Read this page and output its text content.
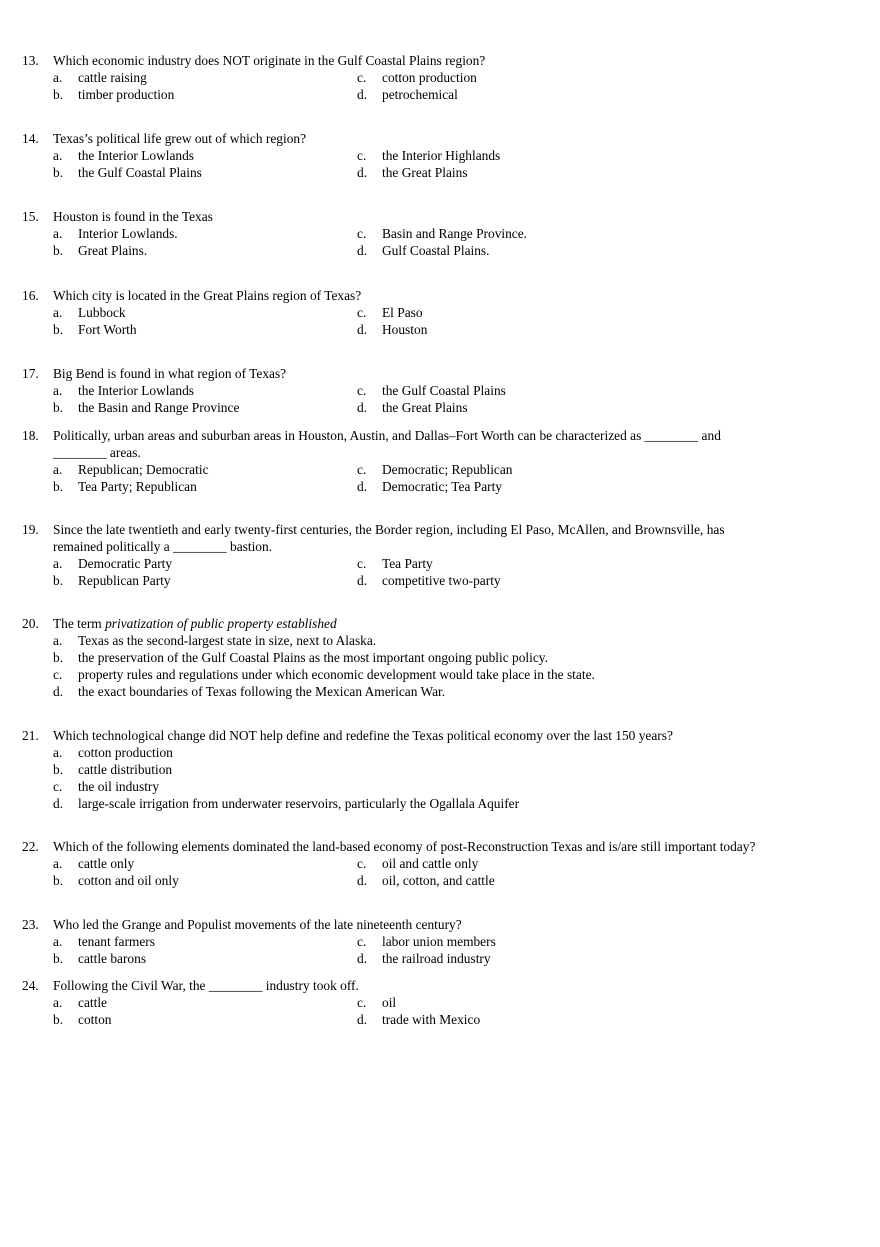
13. Which economic industry does NOT originate in the Gulf Coastal Plains region?
a. cattle raising
b. timber production
c. cotton production
d. petrochemical
14. Texas’s political life grew out of which region?
a. the Interior Lowlands
b. the Gulf Coastal Plains
c. the Interior Highlands
d. the Great Plains
15. Houston is found in the Texas
a. Interior Lowlands.
b. Great Plains.
c. Basin and Range Province.
d. Gulf Coastal Plains.
16. Which city is located in the Great Plains region of Texas?
a. Lubbock
b. Fort Worth
c. El Paso
d. Houston
17. Big Bend is found in what region of Texas?
a. the Interior Lowlands
b. the Basin and Range Province
c. the Gulf Coastal Plains
d. the Great Plains
18. Politically, urban areas and suburban areas in Houston, Austin, and Dallas–Fort Worth can be characterized as ________ and
________ areas.
a. Republican; Democratic
b. Tea Party; Republican
c. Democratic; Republican
d. Democratic; Tea Party
19. Since the late twentieth and early twenty-first centuries, the Border region, including El Paso, McAllen, and Brownsville, has
remained politically a ________ bastion.
a. Democratic Party
b. Republican Party
c. Tea Party
d. competitive two-party
20. The term privatization of public property established
a. Texas as the second-largest state in size, next to Alaska.
b. the preservation of the Gulf Coastal Plains as the most important ongoing public policy.
c. property rules and regulations under which economic development would take place in the state.
d. the exact boundaries of Texas following the Mexican American War.
21. Which technological change did NOT help define and redefine the Texas political economy over the last 150 years?
a. cotton production
b. cattle distribution
c. the oil industry
d. large-scale irrigation from underwater reservoirs, particularly the Ogallala Aquifer
22. Which of the following elements dominated the land-based economy of post-Reconstruction Texas and is/are still important today?
a. cattle only
b. cotton and oil only
c. oil and cattle only
d. oil, cotton, and cattle
23. Who led the Grange and Populist movements of the late nineteenth century?
a. tenant farmers
b. cattle barons
c. labor union members
d. the railroad industry
24. Following the Civil War, the ________ industry took off.
a. cattle
b. cotton
c. oil
d. trade with Mexico
